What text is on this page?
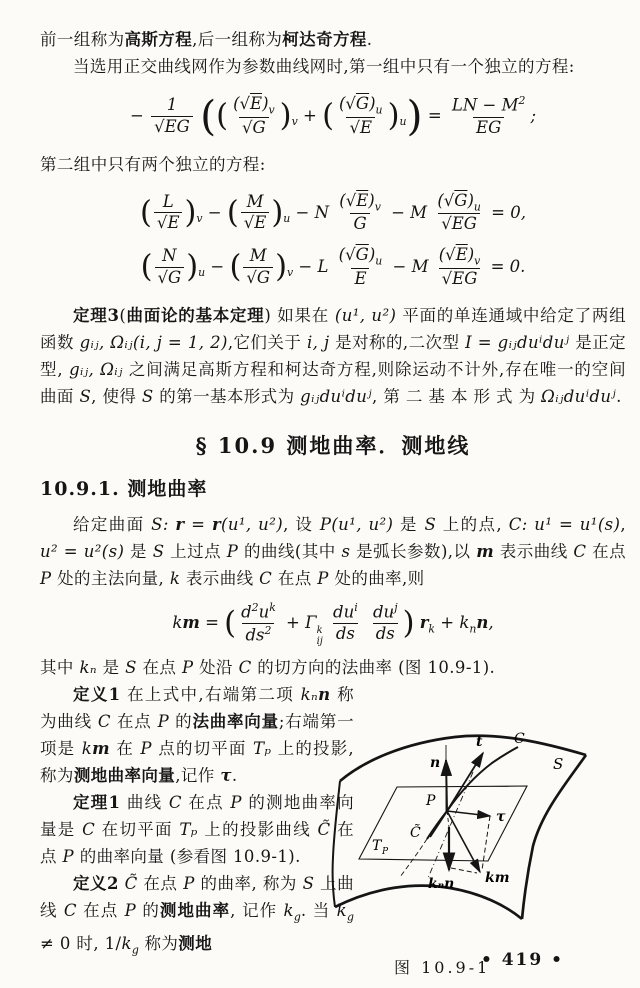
前一组称为高斯方程,后一组称为柯达奇方程.
当选用正交曲线网作为参数曲线网时,第一组中只有一个独立的方程:
− $\frac{1}{√EG}$ (( $\frac{(√E)_v}{√G} )_v$ + ( $\frac{(√G)_u}{√E} )_u) = \frac{LN - M^2}{EG}$ ;
第二组中只有两个独立的方程:
( $\frac{L}{√E} )_v$ − ( $\frac{M}{√E} )_u - N \frac{(√E)_v}{G} - M \frac{(√G)_u}{√EG} = 0$,
( $\frac{N}{√G} )_u$ − ( $\frac{M}{√G} )_v - L \frac{(√G)_u}{E} - M \frac{(√E)_v}{√EG} = 0$.
定理3(曲面论的基本定理) 如果在 (u¹, u²) 平面的单连通域中给定了两组函数 gᵢⱼ, Ωᵢⱼ(i, j = 1, 2),它们关于 i, j 是对称的,二次型 I = gᵢⱼduⁱduʲ 是正定型, gᵢⱼ, Ωᵢⱼ 之间满足高斯方程和柯达奇方程,则除运动不计外,存在唯一的空间曲面 S, 使得 S 的第一基本形式为 gᵢⱼduⁱduʲ, 第 二 基 本 形 式 为 Ωᵢⱼduⁱduʲ.
§ 10.9 测地曲率．测地线
10.9.1. 测地曲率
给定曲面 S: r = r(u¹, u²), 设 P(u¹, u²) 是 S 上的点, C: u¹ = u¹(s), u² = u²(s) 是 S 上过点 P 的曲线(其中 s 是弧长参数),以 m 表示曲线 C 在点 P 处的主法向量, k 表示曲线 C 在点 P 处的曲率,则
km = ( $\frac{d^2u^k}{ds^2} + \Gamma$ k
ij
$\frac{du^i}{ds}$
$\frac{du^j}{ds}$ ) $r_k + k_nn$,
其中 kₙ 是 S 在点 P 处沿 C 的切方向的法曲率 (图 10.9-1).
定义1 在上式中,右端第二项 kₙn 称为曲线 C 在点 P 的法曲率向量;右端第一项是 km 在 P 点的切平面 Tₚ 上的投影,称为测地曲率向量,记作 τ.
定理1 曲线 C 在点 P 的测地曲率向量是 C 在切平面 Tₚ 上的投影曲线 C̃ 在点 P 的曲率向量 (参看图 10.9-1).
定义2 C̃ 在点 P 的曲率, 称为 S 上曲线 C 在点 P 的测地曲率, 记作 $k_g$. 当 $k_g \ne 0$ 时, $1/k_g$ 称为测地
n
t C
S
P
C̃
T P
τ
km
kₙn
图 10.9-1
• 419 •
